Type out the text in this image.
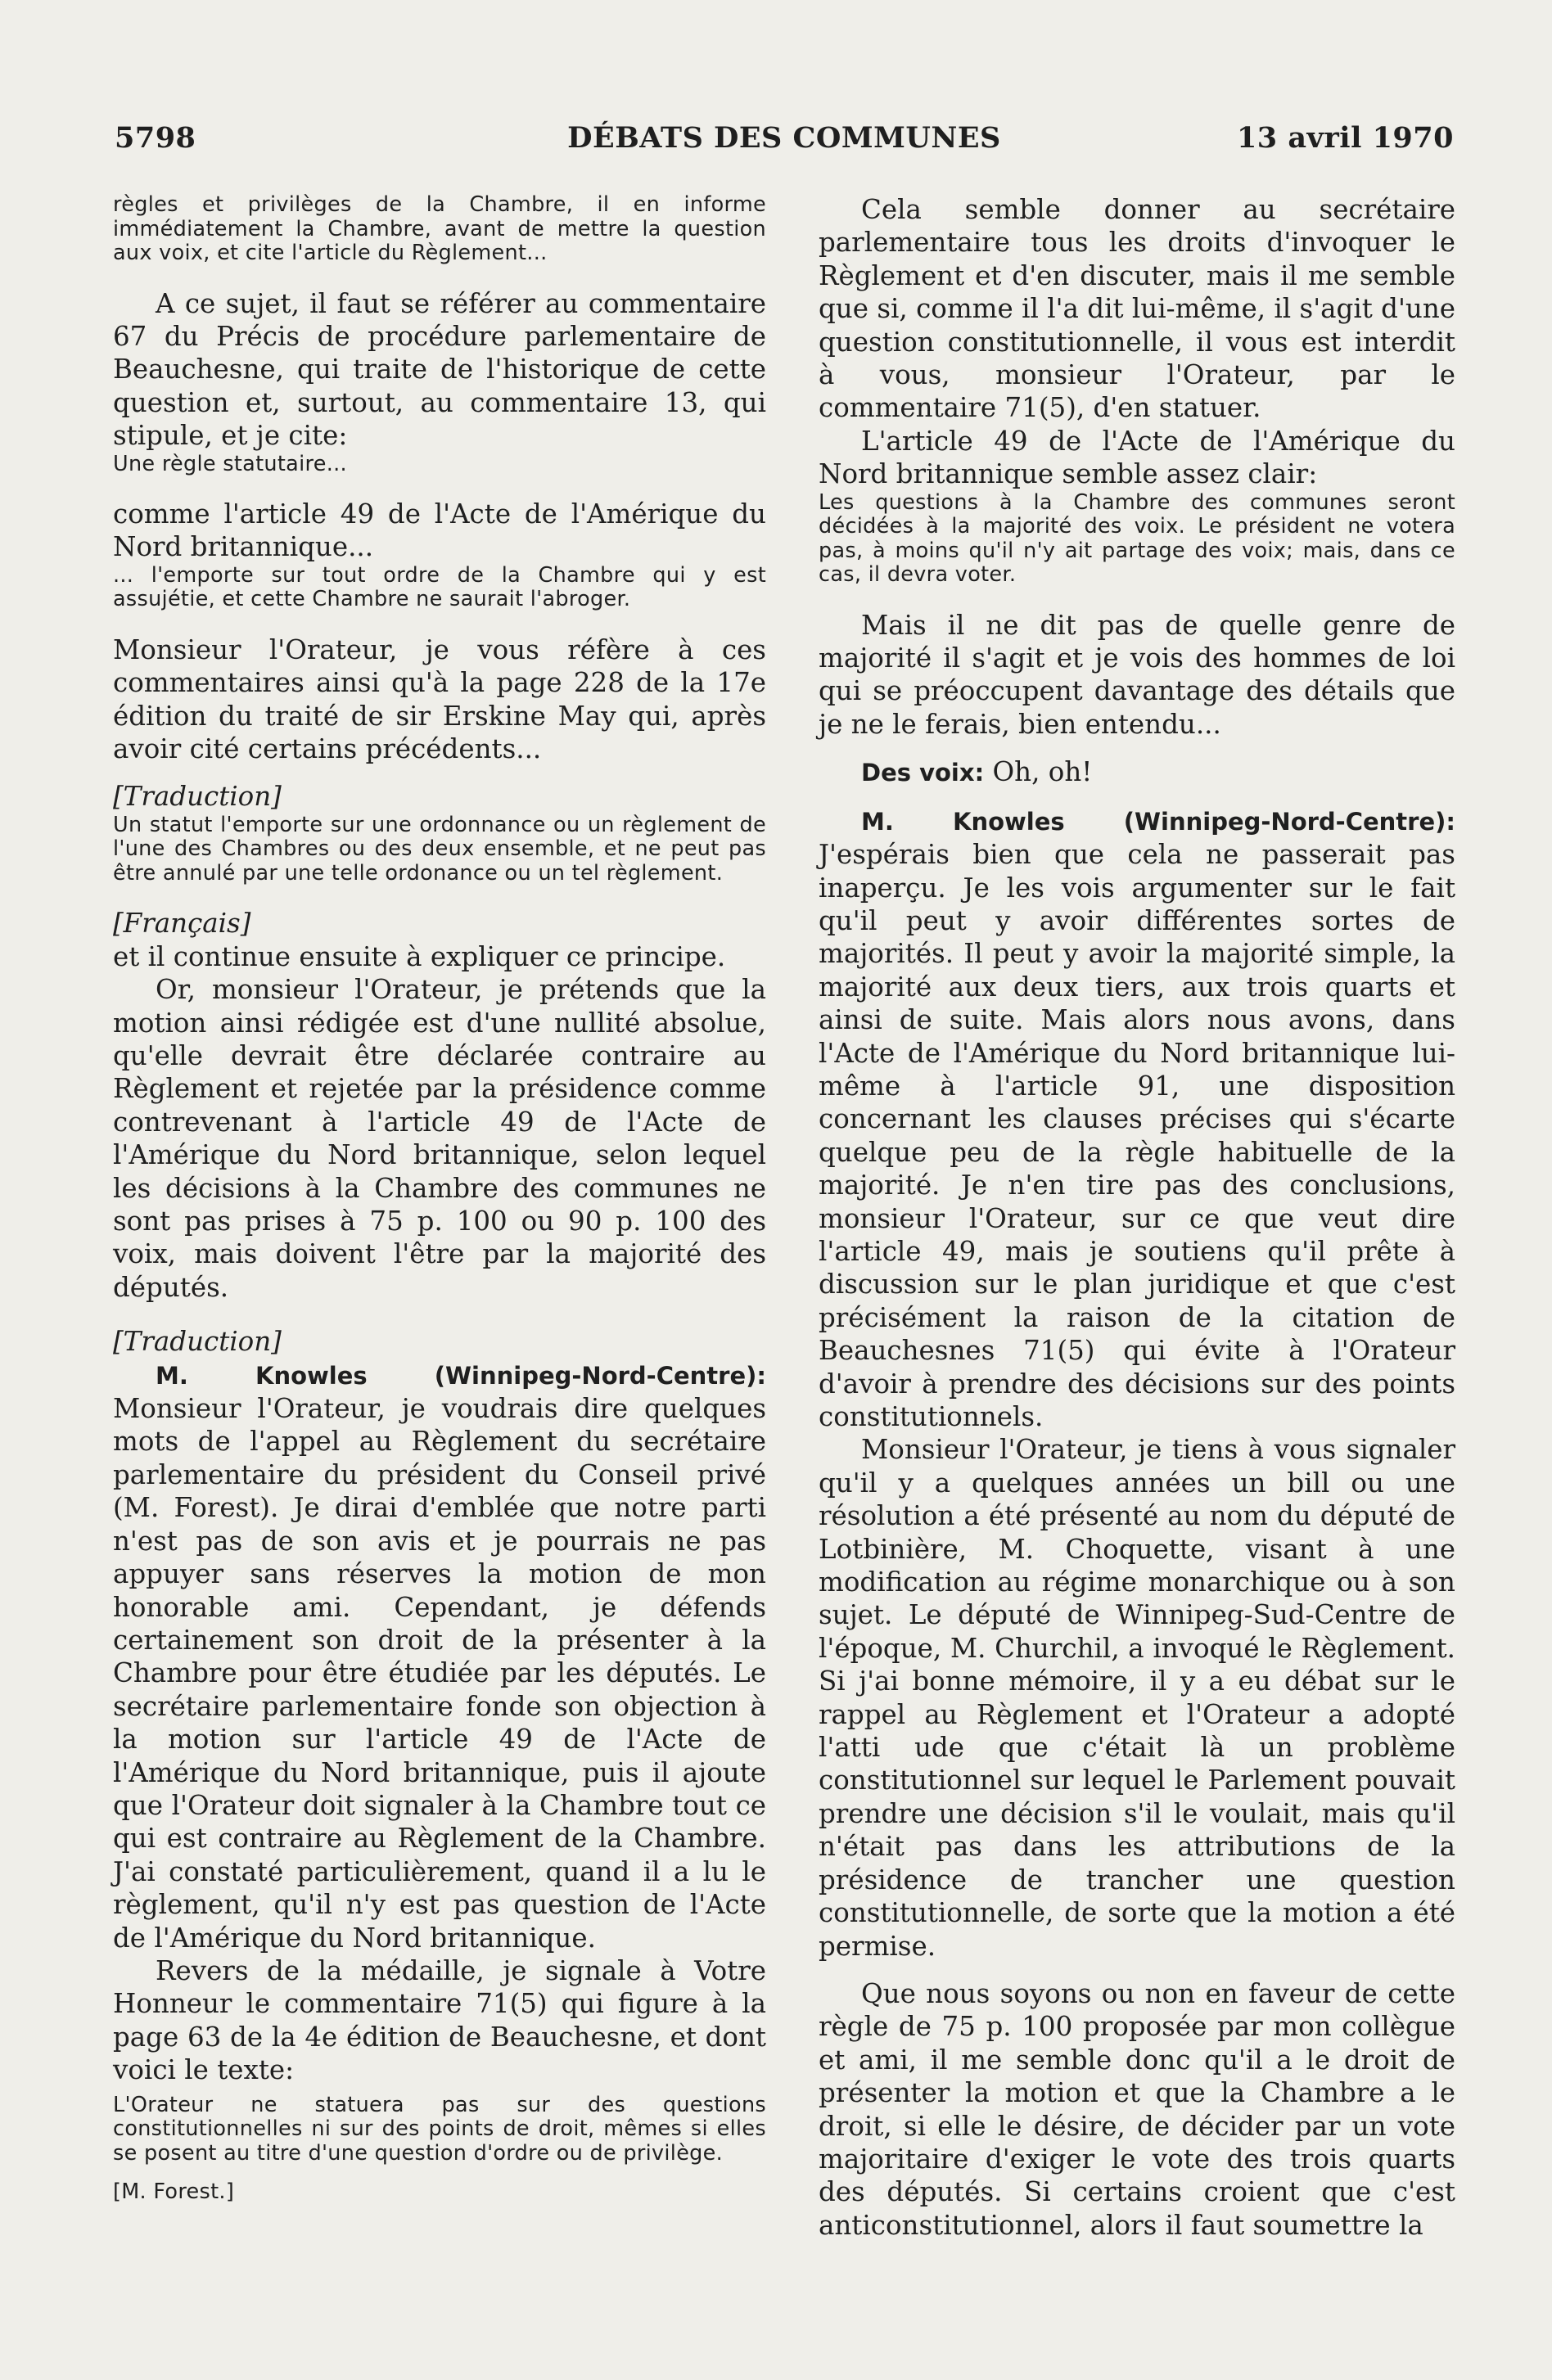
5798	DÉBATS DES COMMUNES	13 avril 1970

règles et privilèges de la Chambre, il en informe immédiatement la Chambre, avant de mettre la question aux voix, et cite l'article du Règlement...

A ce sujet, il faut se référer au commentaire 67 du Précis de procédure parlementaire de Beauchesne, qui traite de l'historique de cette question et, surtout, au commentaire 13, qui stipule, et je cite:

Une règle statutaire...

comme l'article 49 de l'Acte de l'Amérique du Nord britannique...

... l'emporte sur tout ordre de la Chambre qui y est assujétie, et cette Chambre ne saurait l'abroger.

Monsieur l'Orateur, je vous réfère à ces commentaires ainsi qu'à la page 228 de la 17e édition du traité de sir Erskine May qui, après avoir cité certains précédents...

[Traduction]

Un statut l'emporte sur une ordonnance ou un règlement de l'une des Chambres ou des deux ensemble, et ne peut pas être annulé par une telle ordonance ou un tel règlement.

[Français]

et il continue ensuite à expliquer ce principe.

Or, monsieur l'Orateur, je prétends que la motion ainsi rédigée est d'une nullité absolue, qu'elle devrait être déclarée contraire au Règlement et rejetée par la présidence comme contrevenant à l'article 49 de l'Acte de l'Amérique du Nord britannique, selon lequel les décisions à la Chambre des communes ne sont pas prises à 75 p. 100 ou 90 p. 100 des voix, mais doivent l'être par la majorité des députés.

[Traduction]

M. Knowles (Winnipeg-Nord-Centre): Monsieur l'Orateur, je voudrais dire quelques mots de l'appel au Règlement du secrétaire parlementaire du président du Conseil privé (M. Forest). Je dirai d'emblée que notre parti n'est pas de son avis et je pourrais ne pas appuyer sans réserves la motion de mon honorable ami. Cependant, je défends certainement son droit de la présenter à la Chambre pour être étudiée par les députés. Le secrétaire parlementaire fonde son objection à la motion sur l'article 49 de l'Acte de l'Amérique du Nord britannique, puis il ajoute que l'Orateur doit signaler à la Chambre tout ce qui est contraire au Règlement de la Chambre. J'ai constaté particulièrement, quand il a lu le règlement, qu'il n'y est pas question de l'Acte de l'Amérique du Nord britannique.

Revers de la médaille, je signale à Votre Honneur le commentaire 71(5) qui figure à la page 63 de la 4e édition de Beauchesne, et dont voici le texte:

L'Orateur ne statuera pas sur des questions constitutionnelles ni sur des points de droit, mêmes si elles se posent au titre d'une question d'ordre ou de privilège.

[M. Forest.]

Cela semble donner au secrétaire parlementaire tous les droits d'invoquer le Règlement et d'en discuter, mais il me semble que si, comme il l'a dit lui-même, il s'agit d'une question constitutionnelle, il vous est interdit à vous, monsieur l'Orateur, par le commentaire 71(5), d'en statuer.

L'article 49 de l'Acte de l'Amérique du Nord britannique semble assez clair:

Les questions à la Chambre des communes seront décidées à la majorité des voix. Le président ne votera pas, à moins qu'il n'y ait partage des voix; mais, dans ce cas, il devra voter.

Mais il ne dit pas de quelle genre de majorité il s'agit et je vois des hommes de loi qui se préoccupent davantage des détails que je ne le ferais, bien entendu...

Des voix: Oh, oh!

M. Knowles (Winnipeg-Nord-Centre): J'espérais bien que cela ne passerait pas inaperçu. Je les vois argumenter sur le fait qu'il peut y avoir différentes sortes de majorités. Il peut y avoir la majorité simple, la majorité aux deux tiers, aux trois quarts et ainsi de suite. Mais alors nous avons, dans l'Acte de l'Amérique du Nord britannique lui-même à l'article 91, une disposition concernant les clauses précises qui s'écarte quelque peu de la règle habituelle de la majorité. Je n'en tire pas des conclusions, monsieur l'Orateur, sur ce que veut dire l'article 49, mais je soutiens qu'il prête à discussion sur le plan juridique et que c'est précisément la raison de la citation de Beauchesnes 71(5) qui évite à l'Orateur d'avoir à prendre des décisions sur des points constitutionnels.

Monsieur l'Orateur, je tiens à vous signaler qu'il y a quelques années un bill ou une résolution a été présenté au nom du député de Lotbinière, M. Choquette, visant à une modification au régime monarchique ou à son sujet. Le député de Winnipeg-Sud-Centre de l'époque, M. Churchil, a invoqué le Règlement. Si j'ai bonne mémoire, il y a eu débat sur le rappel au Règlement et l'Orateur a adopté l'atti ude que c'était là un problème constitutionnel sur lequel le Parlement pouvait prendre une décision s'il le voulait, mais qu'il n'était pas dans les attributions de la présidence de trancher une question constitutionnelle, de sorte que la motion a été permise.

Que nous soyons ou non en faveur de cette règle de 75 p. 100 proposée par mon collègue et ami, il me semble donc qu'il a le droit de présenter la motion et que la Chambre a le droit, si elle le désire, de décider par un vote majoritaire d'exiger le vote des trois quarts des députés. Si certains croient que c'est anticonstitutionnel, alors il faut soumettre la
